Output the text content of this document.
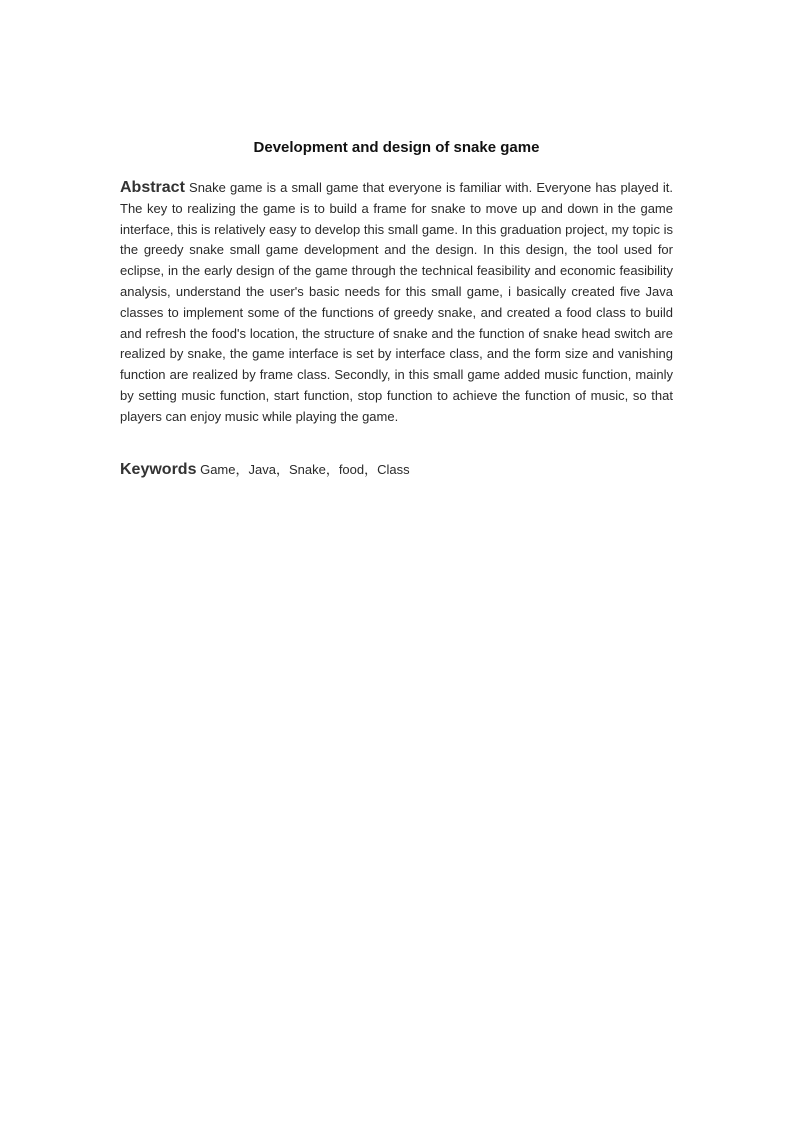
Development and design of snake game

Abstract Snake game is a small game that everyone is familiar with. Everyone has played it. The key to realizing the game is to build a frame for snake to move up and down in the game interface, this is relatively easy to develop this small game. In this graduation project, my topic is the greedy snake small game development and the design. In this design, the tool used for eclipse, in the early design of the game through the technical feasibility and economic feasibility analysis, understand the user's basic needs for this small game, i basically created five Java classes to implement some of the functions of greedy snake, and created a food class to build and refresh the food's location, the structure of snake and the function of snake head switch are realized by snake, the game interface is set by interface class, and the form size and vanishing function are realized by frame class. Secondly, in this small game added music function, mainly by setting music function, start function, stop function to achieve the function of music, so that players can enjoy music while playing the game.

Keywords Game，Java，Snake，food，Class
